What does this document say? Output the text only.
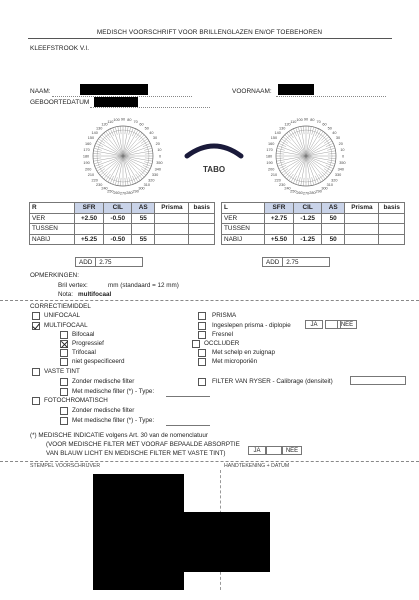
MEDISCH VOORSCHRIFT VOOR BRILLENGLAZEN EN/OF TOEBEHOREN
KLEEFSTROOK V.I.
NAAM:	VOORNAAM:
GEBOORTEDATUM
0
10
20
30
40
50
60
70
80
90
100
110
120
130
140
150
160
170
180
190
200
210
220
230
240
250 260 270 280 290
300
310
320
330
340
350
0
10
20
30
40
50
60
70
80
90
100
110
120
130
140
150
160
170
180
190
200
210
220
230
240
250 260 270 280 290
300
310
320
330
340
350
TABO
R	SFR	CIL	AS	Prisma	basis
VER	+2.50	-0.50	55		
TUSSEN					
NABIJ	+5.25	-0.50	55		
ADD	2.75
L	SFR	CIL	AS	Prisma	basis
VER	+2.75	-1.25	50		
TUSSEN					
NABIJ	+5.50	-1.25	50		
ADD	2.75
OPMERKINGEN:
Bril vertex:	mm (standaard = 12 mm)
Nota: multifocaal
CORRECTIEMIDDEL
UNIFOCAAL
MULTIFOCAAL
Bifocaal
Progressief
Trifocaal
niet gespecificeerd
VASTE TINT
Zonder medische filter
Met medische filter (*) - Type:
FOTOCHROMATISCH
Zonder medische filter
Met medische filter (*) - Type:
PRISMA
Ingeslepen prisma - diplopie	JA	NEE
Fresnel
OCCLUDER
Met schelp en zuignap
Met microporiën
FILTER VAN RYSER - Calibrage (densiteit)
(*) MEDISCHE INDICATIE volgens Art. 30 van de nomenclatuur
(VOOR MEDISCHE FILTER MET VOORAF BEPAALDE ABSORPTIE
VAN BLAUW LICHT EN MEDISCHE FILTER MET VASTE TINT)	JA	NEE
STEMPEL VOORSCHRIJVER	HANDTEKENING + DATUM
